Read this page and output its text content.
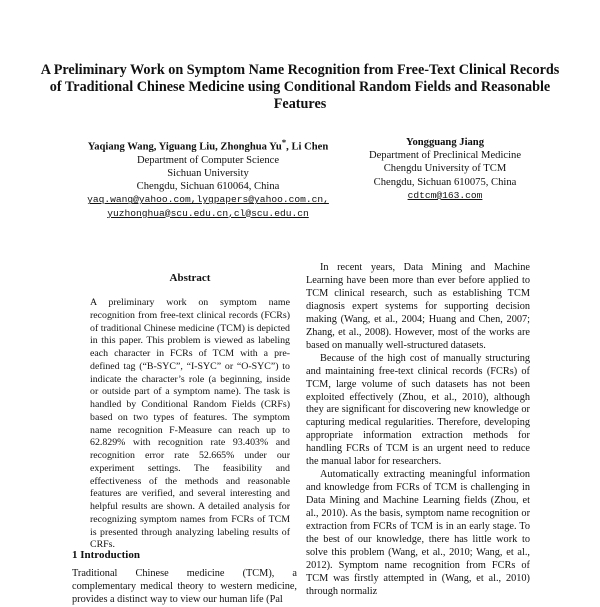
A Preliminary Work on Symptom Name Recognition from Free-Text Clinical Records of Traditional Chinese Medicine using Conditional Random Fields and Reasonable Features
Yaqiang Wang, Yiguang Liu, Zhonghua Yu*, Li Chen
Department of Computer Science
Sichuan University
Chengdu, Sichuan 610064, China
yaq.wang@yahoo.com,lygpapers@yahoo.com.cn,
yuzhonghua@scu.edu.cn,cl@scu.edu.cn
Yongguang Jiang
Department of Preclinical Medicine
Chengdu University of TCM
Chengdu, Sichuan 610075, China
cdtcm@163.com
Abstract
A preliminary work on symptom name recognition from free-text clinical records (FCRs) of traditional Chinese medicine (TCM) is depicted in this paper. This problem is viewed as labeling each character in FCRs of TCM with a pre-defined tag (“B-SYC”, “I-SYC” or “O-SYC”) to indicate the character’s role (a beginning, inside or outside part of a symptom name). The task is handled by Conditional Random Fields (CRFs) based on two types of features. The symptom name recognition F-Measure can reach up to 62.829% with recognition rate 93.403% and recognition error rate 52.665% under our experiment settings. The feasibility and effectiveness of the methods and reasonable features are verified, and several interesting and helpful results are shown. A detailed analysis for recognizing symptom names from FCRs of TCM is presented through analyzing labeling results of CRFs.
1 Introduction
Traditional Chinese medicine (TCM), a complementary medical theory to western medicine, provides a distinct way to view our human life (Pal

In recent years, Data Mining and Machine Learning have been more than ever before applied to TCM clinical research, such as establishing TCM diagnosis expert systems for supporting decision making (Wang, et al., 2004; Huang and Chen, 2007; Zhang, et al., 2008). However, most of the works are based on manually well-structured datasets.

Because of the high cost of manually structuring and maintaining free-text clinical records (FCRs) of TCM, large volume of such datasets has not been exploited effectively (Zhou, et al., 2010), although they are significant for discovering new knowledge or capturing medical regularities. Therefore, developing appropriate information extraction methods for handling FCRs of TCM is an urgent need to reduce the manual labor for researchers.

Automatically extracting meaningful information and knowledge from FCRs of TCM is challenging in Data Mining and Machine Learning fields (Zhou, et al., 2010). As the basis, symptom name recognition or extraction from FCRs of TCM is in an early stage. To the best of our knowledge, there has little work to solve this problem (Wang, et al., 2010; Wang, et al., 2012). Symptom name recognition from FCRs of TCM was firstly attempted in (Wang, et al., 2010) through normaliz
